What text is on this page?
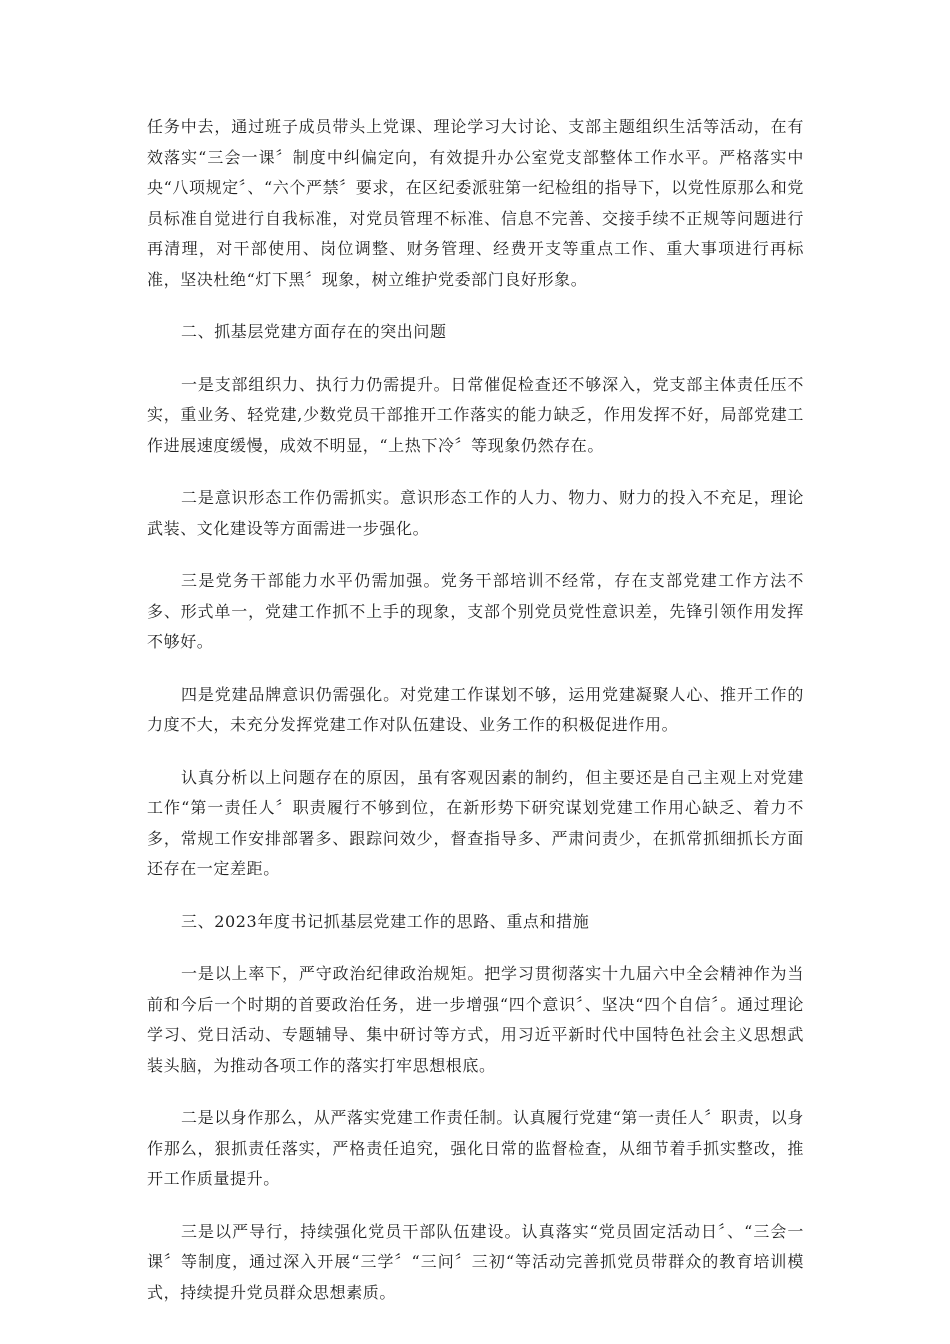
任务中去，通过班子成员带头上党课、理论学习大讨论、支部主题组织生活等活动，在有效落实“三会一课〞制度中纠偏定向，有效提升办公室党支部整体工作水平。严格落实中央“八项规定〞、“六个严禁〞要求，在区纪委派驻第一纪检组的指导下，以党性原那么和党员标准自觉进行自我标准，对党员管理不标准、信息不完善、交接手续不正规等问题进行再清理，对干部使用、岗位调整、财务管理、经费开支等重点工作、重大事项进行再标准，坚决杜绝“灯下黑〞现象，树立维护党委部门良好形象。

二、抓基层党建方面存在的突出问题

一是支部组织力、执行力仍需提升。日常催促检查还不够深入，党支部主体责任压不实，重业务、轻党建,少数党员干部推开工作落实的能力缺乏，作用发挥不好，局部党建工作进展速度缓慢，成效不明显，“上热下冷〞等现象仍然存在。

二是意识形态工作仍需抓实。意识形态工作的人力、物力、财力的投入不充足，理论武装、文化建设等方面需进一步强化。

三是党务干部能力水平仍需加强。党务干部培训不经常，存在支部党建工作方法不多、形式单一，党建工作抓不上手的现象，支部个别党员党性意识差，先锋引领作用发挥不够好。

四是党建品牌意识仍需强化。对党建工作谋划不够，运用党建凝聚人心、推开工作的力度不大，未充分发挥党建工作对队伍建设、业务工作的积极促进作用。

认真分析以上问题存在的原因，虽有客观因素的制约，但主要还是自己主观上对党建工作“第一责任人〞职责履行不够到位，在新形势下研究谋划党建工作用心缺乏、着力不多，常规工作安排部署多、跟踪问效少，督查指导多、严肃问责少，在抓常抓细抓长方面还存在一定差距。

三、2023年度书记抓基层党建工作的思路、重点和措施

一是以上率下，严守政治纪律政治规矩。把学习贯彻落实十九届六中全会精神作为当前和今后一个时期的首要政治任务，进一步增强“四个意识〞、坚决“四个自信〞。通过理论学习、党日活动、专题辅导、集中研讨等方式，用习近平新时代中国特色社会主义思想武装头脑，为推动各项工作的落实打牢思想根底。

二是以身作那么，从严落实党建工作责任制。认真履行党建“第一责任人〞职责，以身作那么，狠抓责任落实，严格责任追究，强化日常的监督检查，从细节着手抓实整改，推开工作质量提升。

三是以严导行，持续强化党员干部队伍建设。认真落实“党员固定活动日〞、“三会一课〞等制度，通过深入开展“三学〞“三问〞三初“等活动完善抓党员带群众的教育培训模式，持续提升党员群众思想素质。
